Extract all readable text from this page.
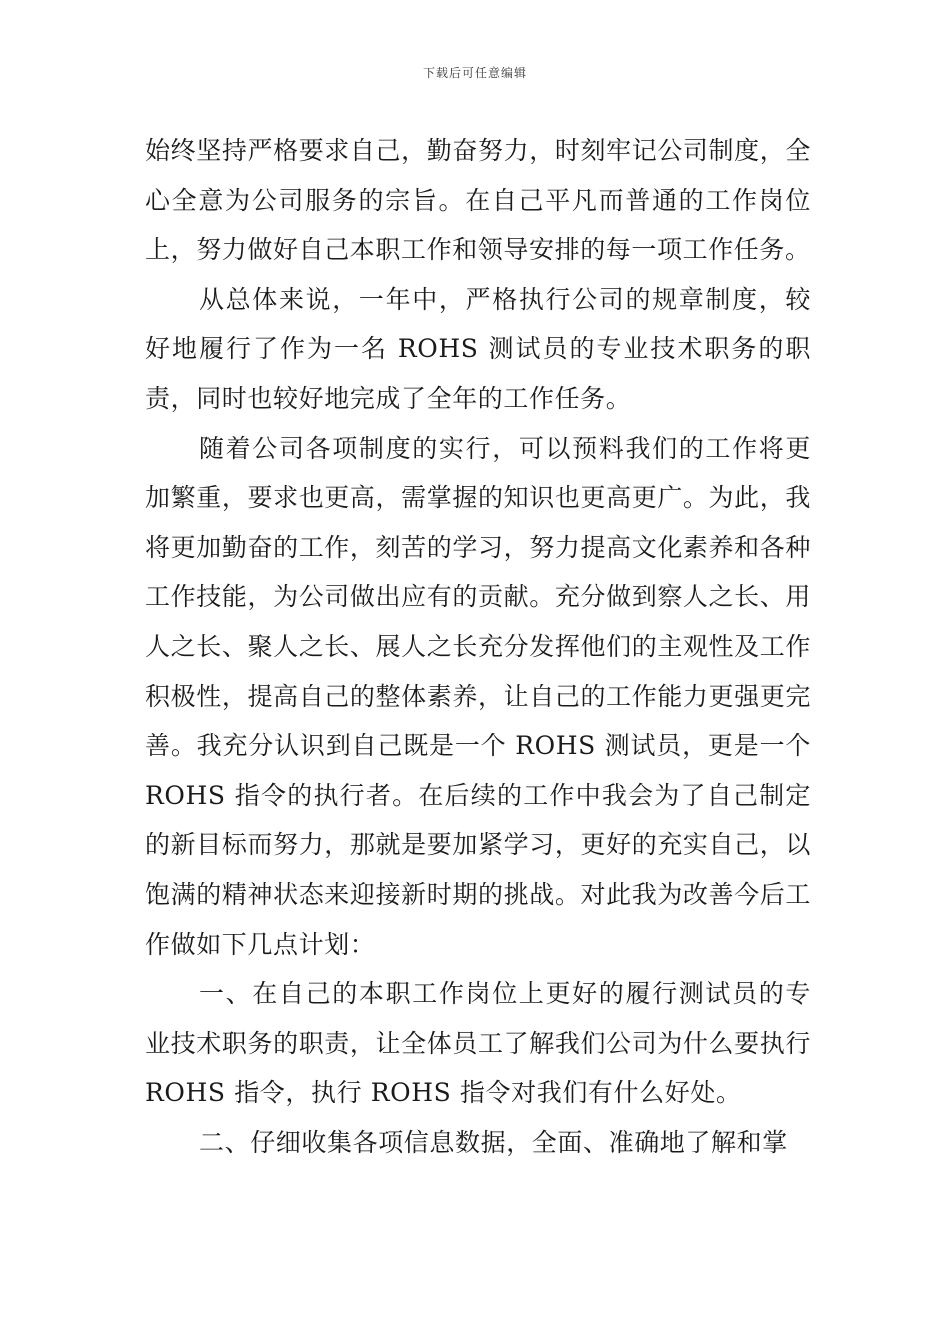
下载后可任意编辑

始终坚持严格要求自己，勤奋努力，时刻牢记公司制度，全心全意为公司服务的宗旨。在自己平凡而普通的工作岗位上，努力做好自己本职工作和领导安排的每一项工作任务。

从总体来说，一年中，严格执行公司的规章制度，较好地履行了作为一名 ROHS 测试员的专业技术职务的职责，同时也较好地完成了全年的工作任务。

随着公司各项制度的实行，可以预料我们的工作将更加繁重，要求也更高，需掌握的知识也更高更广。为此，我将更加勤奋的工作，刻苦的学习，努力提高文化素养和各种工作技能，为公司做出应有的贡献。充分做到察人之长、用人之长、聚人之长、展人之长充分发挥他们的主观性及工作积极性，提高自己的整体素养，让自己的工作能力更强更完善。我充分认识到自己既是一个 ROHS 测试员，更是一个 ROHS 指令的执行者。在后续的工作中我会为了自己制定的新目标而努力，那就是要加紧学习，更好的充实自己，以饱满的精神状态来迎接新时期的挑战。对此我为改善今后工作做如下几点计划：

一、在自己的本职工作岗位上更好的履行测试员的专业技术职务的职责，让全体员工了解我们公司为什么要执行 ROHS 指令，执行 ROHS 指令对我们有什么好处。

二、仔细收集各项信息数据，全面、准确地了解和掌
